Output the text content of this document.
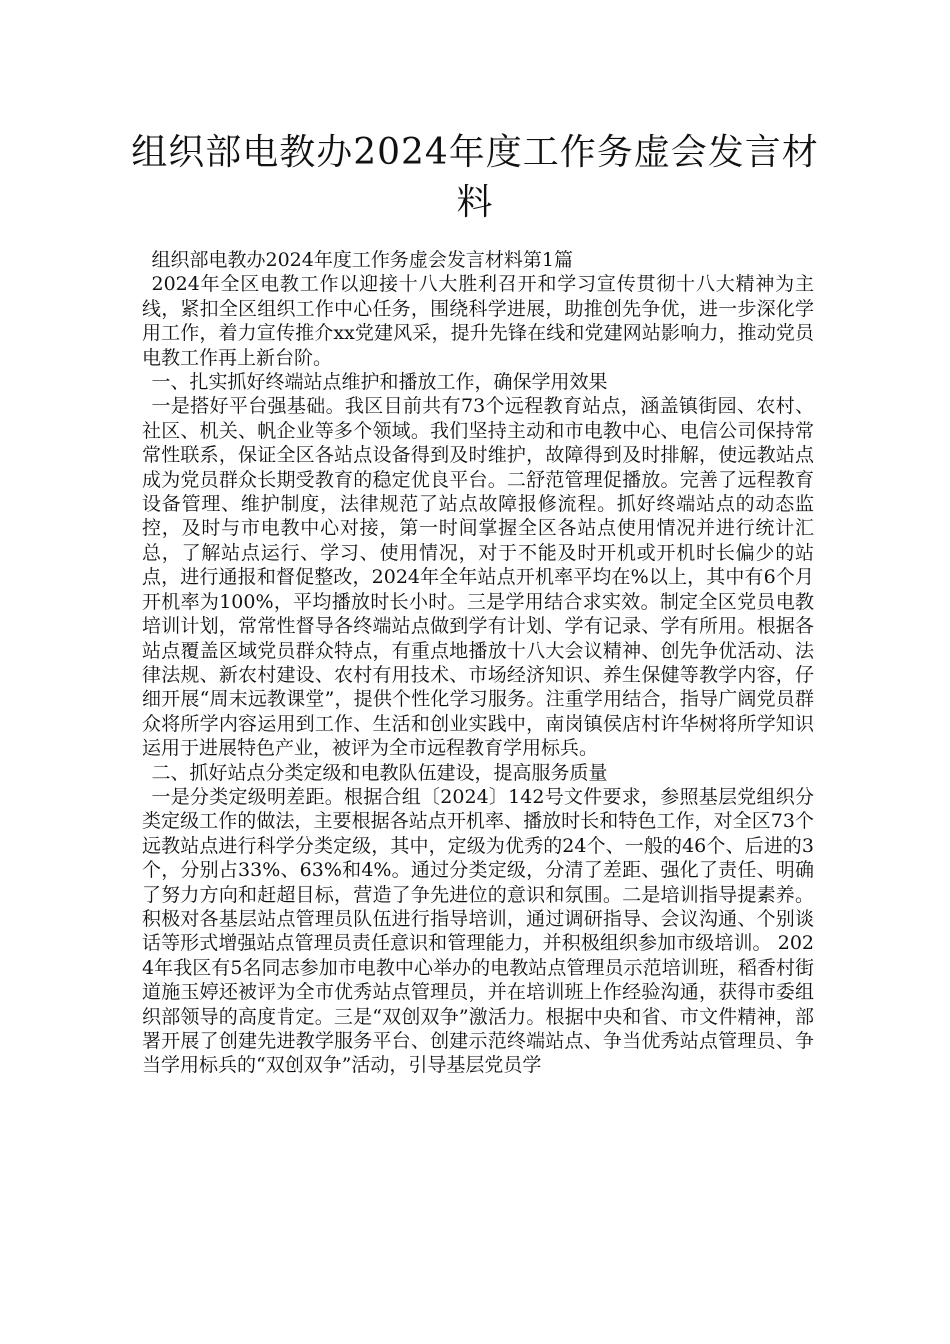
组织部电教办2024年度工作务虚会发言材料

组织部电教办2024年度工作务虚会发言材料第1篇

2024年全区电教工作以迎接十八大胜利召开和学习宣传贯彻十八大精神为主线，紧扣全区组织工作中心任务，围绕科学进展，助推创先争优，进一步深化学用工作，着力宣传推介xx党建风采，提升先锋在线和党建网站影响力，推动党员电教工作再上新台阶。

一、扎实抓好终端站点维护和播放工作，确保学用效果

一是搭好平台强基础。我区目前共有73个远程教育站点，涵盖镇街园、农村、社区、机关、帆企业等多个领域。我们坚持主动和市电教中心、电信公司保持常常性联系，保证全区各站点设备得到及时维护，故障得到及时排解，使远教站点成为党员群众长期受教育的稳定优良平台。二舒范管理促播放。完善了远程教育设备管理、维护制度，法律规范了站点故障报修流程。抓好终端站点的动态监控，及时与市电教中心对接，第一时间掌握全区各站点使用情况并进行统计汇总，了解站点运行、学习、使用情况，对于不能及时开机或开机时长偏少的站点，进行通报和督促整改，2024年全年站点开机率平均在%以上，其中有6个月开机率为100%，平均播放时长小时。三是学用结合求实效。制定全区党员电教培训计划，常常性督导各终端站点做到学有计划、学有记录、学有所用。根据各站点覆盖区域党员群众特点，有重点地播放十八大会议精神、创先争优活动、法律法规、新农村建设、农村有用技术、市场经济知识、养生保健等教学内容，仔细开展“周末远教课堂”，提供个性化学习服务。注重学用结合，指导广阔党员群众将所学内容运用到工作、生活和创业实践中，南岗镇侯店村许华树将所学知识运用于进展特色产业，被评为全市远程教育学用标兵。

二、抓好站点分类定级和电教队伍建设，提高服务质量

一是分类定级明差距。根据合组〔2024〕142号文件要求，参照基层党组织分类定级工作的做法，主要根据各站点开机率、播放时长和特色工作，对全区73个远教站点进行科学分类定级，其中，定级为优秀的24个、一般的46个、后进的3个，分别占33%、63%和4%。通过分类定级，分清了差距、强化了责任、明确了努力方向和赶超目标，营造了争先进位的意识和氛围。二是培训指导提素养。积极对各基层站点管理员队伍进行指导培训，通过调研指导、会议沟通、个别谈话等形式增强站点管理员责任意识和管理能力，并积极组织参加市级培训。 2024年我区有5名同志参加市电教中心举办的电教站点管理员示范培训班，稻香村街道施玉婷还被评为全市优秀站点管理员，并在培训班上作经验沟通，获得市委组织部领导的高度肯定。三是“双创双争”激活力。根据中央和省、市文件精神，部署开展了创建先进教学服务平台、创建示范终端站点、争当优秀站点管理员、争当学用标兵的“双创双争”活动，引导基层党员学
